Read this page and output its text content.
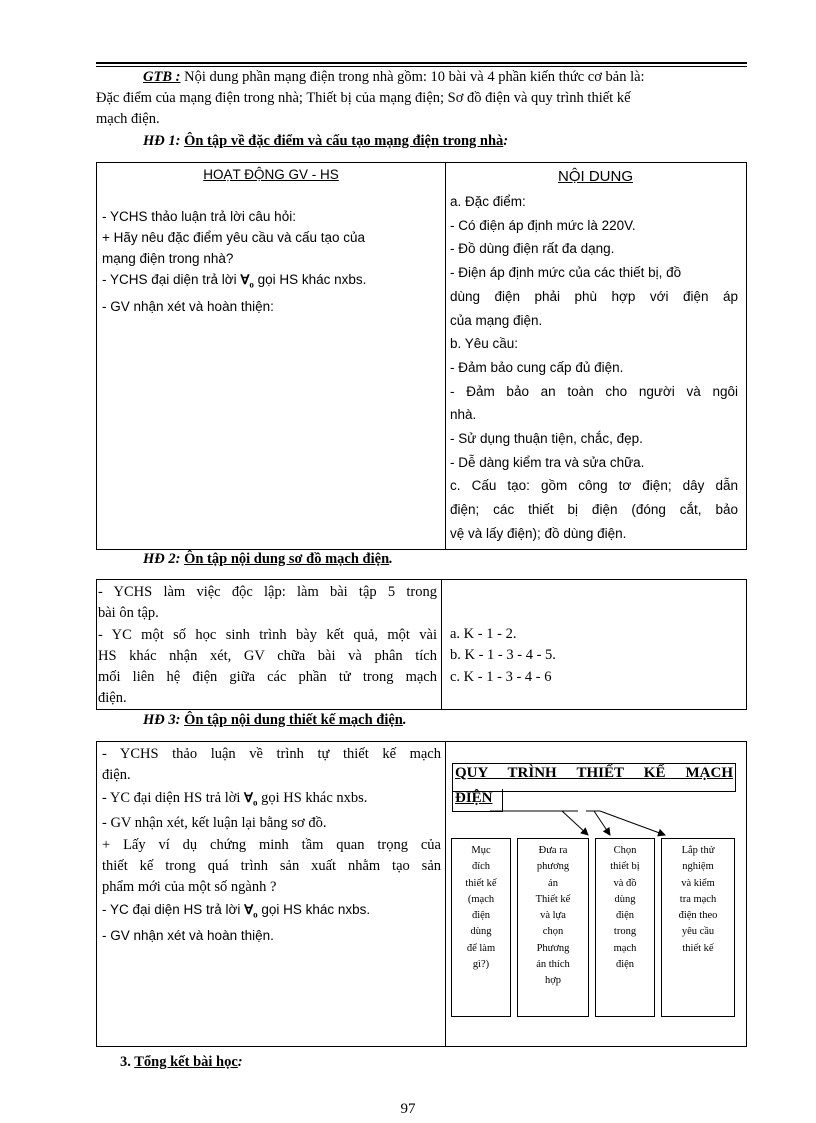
GTB : Nội dung phần mạng điện trong nhà gồm: 10 bài và 4 phần kiến thức cơ bản là:
Đặc điểm của mạng điện trong nhà; Thiết bị của mạng điện; Sơ đồ điện và quy trình thiết kế
mạch điện.
HĐ 1: Ôn tập về đặc điểm và cấu tạo mạng điện trong nhà:
HOẠT ĐỘNG GV - HS	NỘI DUNG
- YCHS thảo luận trả lời câu hỏi:
+ Hãy nêu đặc điểm yêu cầu và cấu tạo của
mạng điện trong nhà?
- YCHS đại diện trả lời Ɐ$_o$ gọi HS khác nxbs.
- GV nhận xét và hoàn thiện:
a. Đặc điểm:
- Có điện áp định mức là 220V.
- Đồ dùng điện rất đa dạng.
- Điện áp định mức của các thiết bị, đồ
dùng điện phải phù hợp với điện áp
của mạng điện.
b. Yêu cầu:
- Đảm bảo cung cấp đủ điện.
- Đảm bảo an toàn cho người và ngôi
nhà.
- Sử dụng thuận tiện, chắc, đẹp.
- Dễ dàng kiểm tra và sửa chữa.
c. Cấu tạo: gồm công tơ điện; dây dẫn
điện; các thiết bị điện (đóng cắt, bảo
vệ và lấy điện); đồ dùng điện.
HĐ 2: Ôn tập nội dung sơ đồ mạch điện.
- YCHS làm việc độc lập: làm bài tập 5 trong
bài ôn tập.
- YC một số học sinh trình bày kết quả, một vài
HS khác nhận xét, GV chữa bài và phân tích
mối liên hệ điện giữa các phần tử trong mạch
điện.
a. K - 1 - 2.
b. K - 1 - 3 - 4 - 5.
c. K - 1 - 3 - 4 - 6
HĐ 3: Ôn tập nội dung thiết kế mạch điện.
- YCHS thảo luận về trình tự thiết kế mạch
điện.
- YC đại diện HS trả lời Ɐ$_o$ gọi HS khác nxbs.
- GV nhận xét, kết luận lại bằng sơ đồ.
+ Lấy ví dụ chứng minh tầm quan trọng của
thiết kế trong quá trình sản xuất nhằm tạo sản
phẩm mới của một số ngành ?
- YC đại diện HS trả lời Ɐ$_o$ gọi HS khác nxbs.
- GV nhận xét và hoàn thiện.
QUY TRÌNH THIẾT KẾ MẠCH
ĐIỆN
Mục
đích
thiết kế
(mạch
điện
dùng
để làm
gì?)
Đưa ra
phương
án
Thiết kế
và lựa
chọn
Phương
án thích
hợp
Chọn
thiết bị
và đồ
dùng
điện
trong
mạch
điện
Lắp thử
nghiệm
và kiểm
tra mạch
điện theo
yêu cầu
thiết kế
3. Tổng kết bài học:
97
